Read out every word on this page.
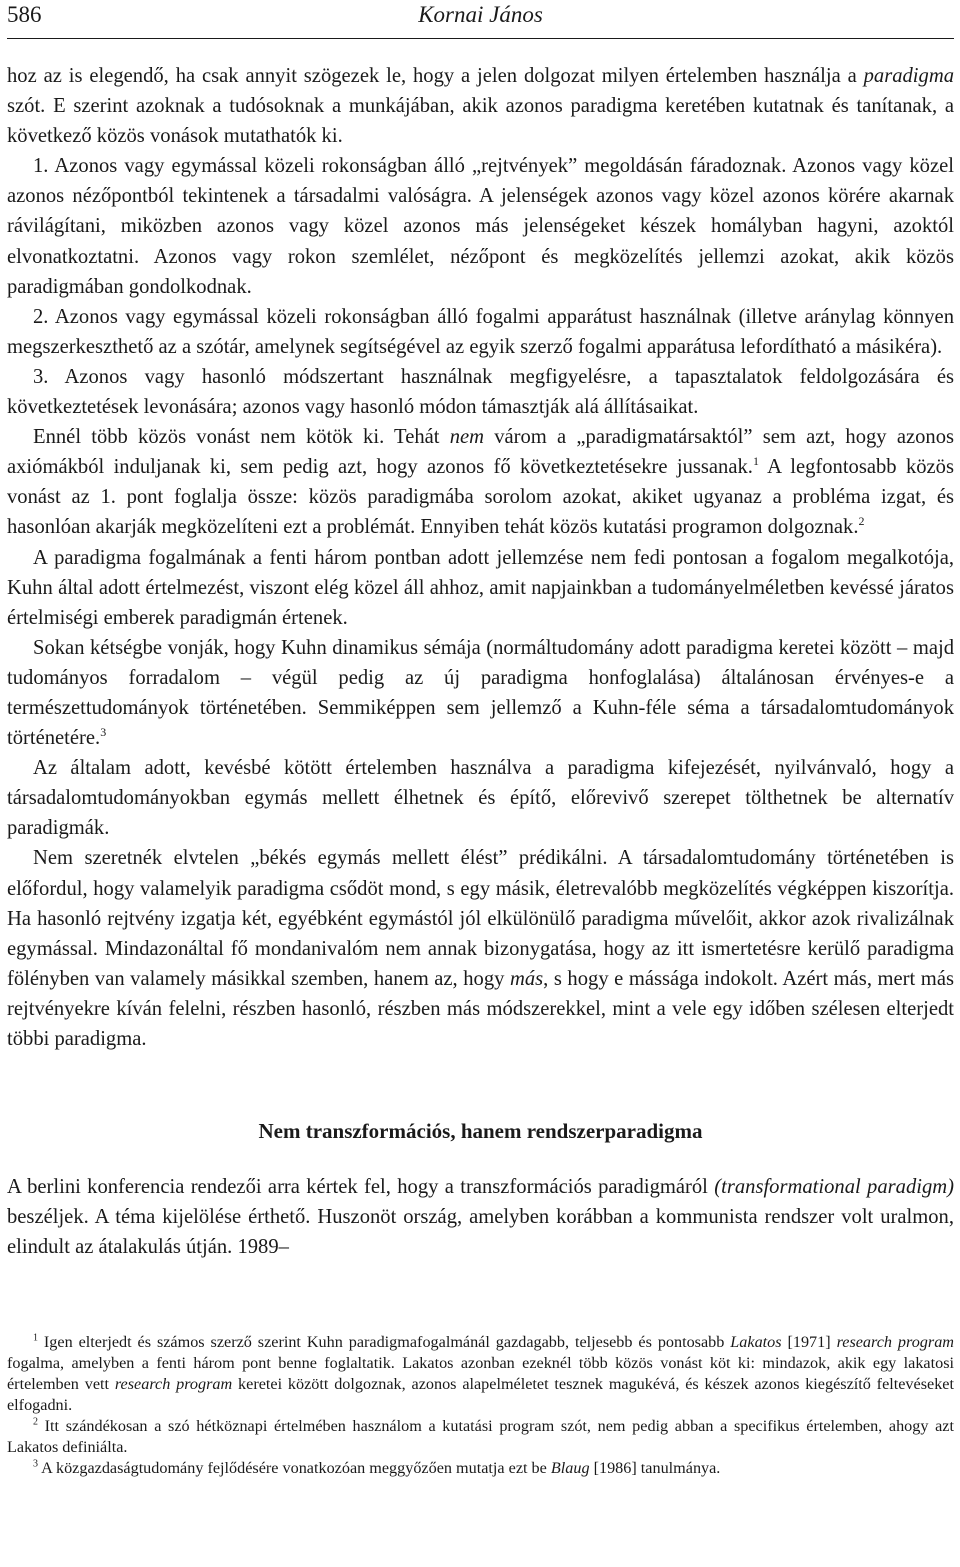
586	Kornai János

hoz az is elegendő, ha csak annyit szögezek le, hogy a jelen dolgozat milyen értelemben használja a paradigma szót. E szerint azoknak a tudósoknak a munkájában, akik azonos paradigma keretében kutatnak és tanítanak, a következő közös vonások mutathatók ki.

1. Azonos vagy egymással közeli rokonságban álló „rejtvények” megoldásán fáradoznak. Azonos vagy közel azonos nézőpontból tekintenek a társadalmi valóságra. A jelenségek azonos vagy közel azonos körére akarnak rávilágítani, miközben azonos vagy közel azonos más jelenségeket készek homályban hagyni, azoktól elvonatkoztatni. Azonos vagy rokon szemlélet, nézőpont és megközelítés jellemzi azokat, akik közös paradigmában gondolkodnak.

2. Azonos vagy egymással közeli rokonságban álló fogalmi apparátust használnak (illetve aránylag könnyen megszerkeszthető az a szótár, amelynek segítségével az egyik szerző fogalmi apparátusa lefordítható a másikéra).

3. Azonos vagy hasonló módszertant használnak megfigyelésre, a tapasztalatok feldolgozására és következtetések levonására; azonos vagy hasonló módon támasztják alá állításaikat.

Ennél több közös vonást nem kötök ki. Tehát nem várom a „paradigmatársaktól” sem azt, hogy azonos axiómákból induljanak ki, sem pedig azt, hogy azonos fő következtetésekre jussanak.$^1$ A legfontosabb közös vonást az 1. pont foglalja össze: közös paradigmába sorolom azokat, akiket ugyanaz a probléma izgat, és hasonlóan akarják megközelíteni ezt a problémát. Ennyiben tehát közös kutatási programon dolgoznak.$^2$

A paradigma fogalmának a fenti három pontban adott jellemzése nem fedi pontosan a fogalom megalkotója, Kuhn által adott értelmezést, viszont elég közel áll ahhoz, amit napjainkban a tudományelméletben kevéssé járatos értelmiségi emberek paradigmán értenek.

Sokan kétségbe vonják, hogy Kuhn dinamikus sémája (normáltudomány adott paradigma keretei között – majd tudományos forradalom – végül pedig az új paradigma honfoglalása) általánosan érvényes-e a természettudományok történetében. Semmiképpen sem jellemző a Kuhn-féle séma a társadalomtudományok történetére.$^3$

Az általam adott, kevésbé kötött értelemben használva a paradigma kifejezését, nyilvánvaló, hogy a társadalomtudományokban egymás mellett élhetnek és építő, előrevivő szerepet tölthetnek be alternatív paradigmák.

Nem szeretnék elvtelen „békés egymás mellett élést” prédikálni. A társadalomtudomány történetében is előfordul, hogy valamelyik paradigma csődöt mond, s egy másik, életrevalóbb megközelítés végképpen kiszorítja. Ha hasonló rejtvény izgatja két, egyébként egymástól jól elkülönülő paradigma művelőit, akkor azok rivalizálnak egymással. Mindazonáltal fő mondanivalóm nem annak bizonygatása, hogy az itt ismertetésre kerülő paradigma fölényben van valamely másikkal szemben, hanem az, hogy más, s hogy e mássága indokolt. Azért más, mert más rejtvényekre kíván felelni, részben hasonló, részben más módszerekkel, mint a vele egy időben szélesen elterjedt többi paradigma.

Nem transzformációs, hanem rendszerparadigma

A berlini konferencia rendezői arra kértek fel, hogy a transzformációs paradigmáról (transformational paradigm) beszéljek. A téma kijelölése érthető. Huszonöt ország, amelyben korábban a kommunista rendszer volt uralmon, elindult az átalakulás útján. 1989–

$^1$ Igen elterjedt és számos szerző szerint Kuhn paradigmafogalmánál gazdagabb, teljesebb és pontosabb Lakatos [1971] research program fogalma, amelyben a fenti három pont benne foglaltatik. Lakatos azonban ezeknél több közös vonást köt ki: mindazok, akik egy lakatosi értelemben vett research program keretei között dolgoznak, azonos alapelméletet tesznek magukévá, és készek azonos kiegészítő feltevéseket elfogadni.

$^2$ Itt szándékosan a szó hétköznapi értelmében használom a kutatási program szót, nem pedig abban a specifikus értelemben, ahogy azt Lakatos definiálta.

$^3$ A közgazdaságtudomány fejlődésére vonatkozóan meggyőzően mutatja ezt be Blaug [1986] tanulmánya.
